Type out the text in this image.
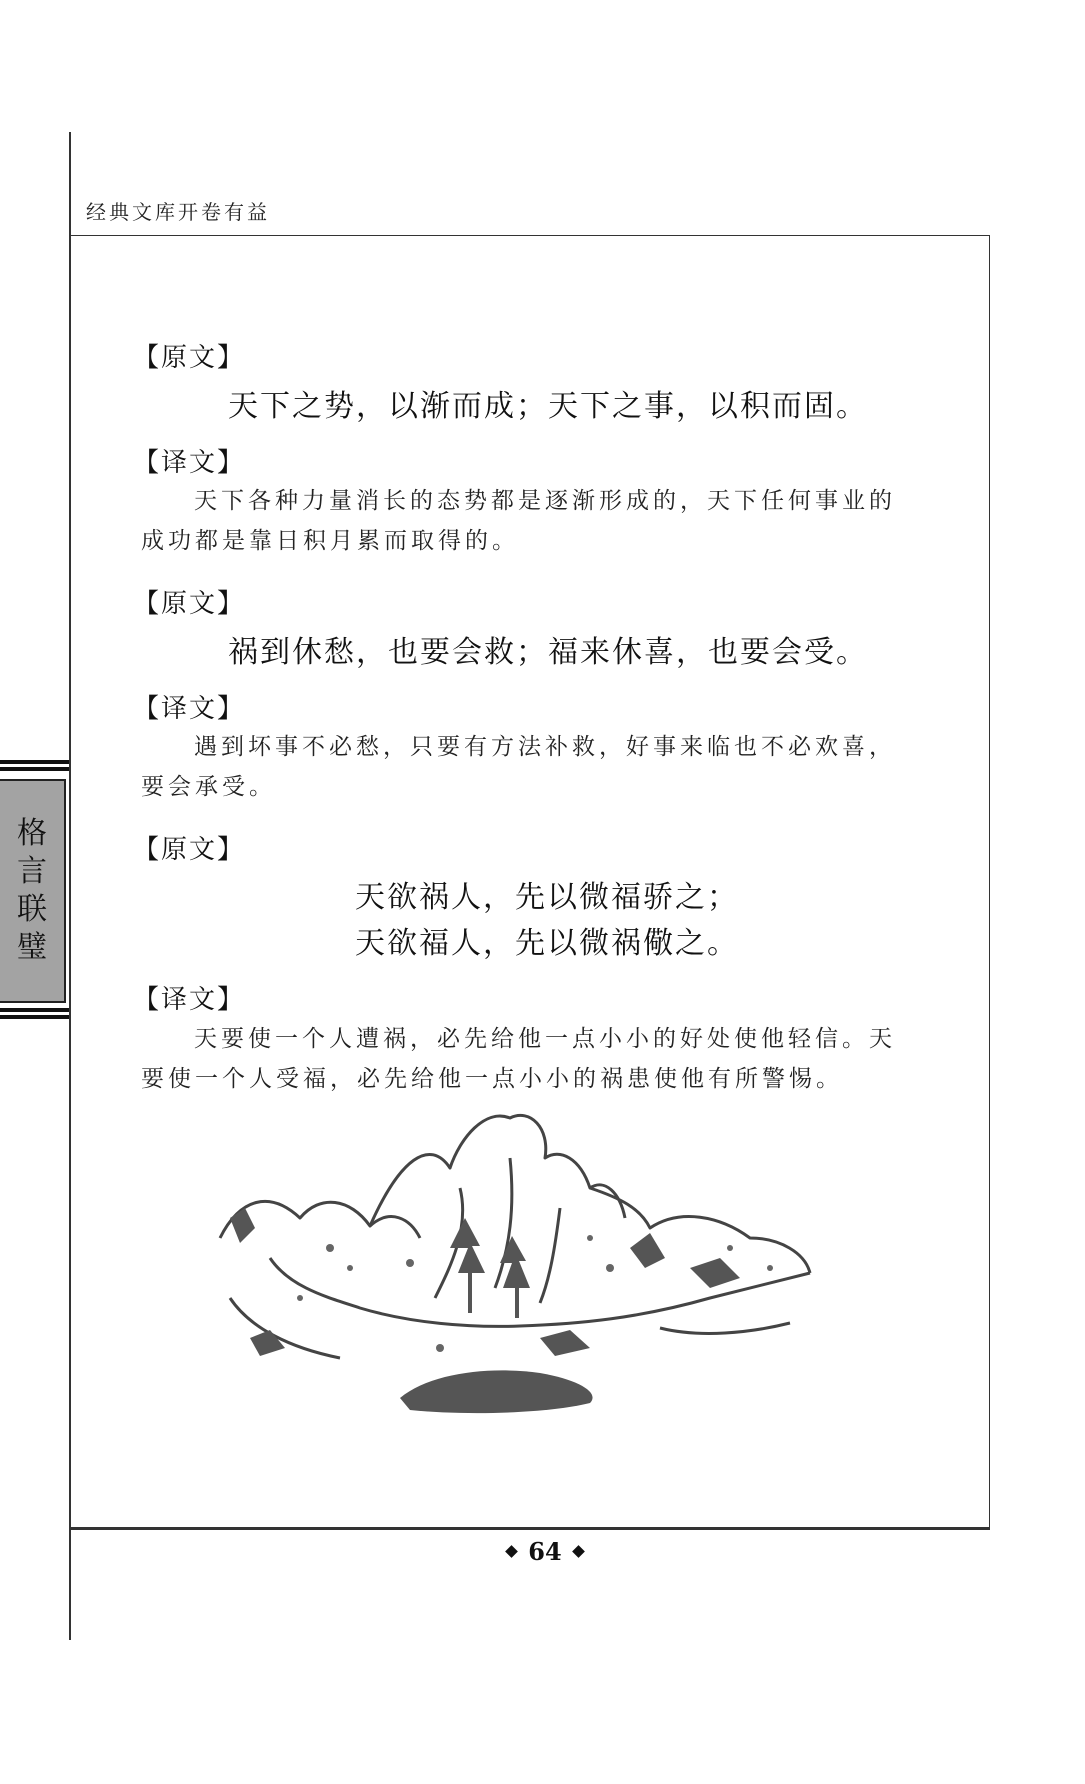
经典文库开卷有益
格
言
联
璧
【原文】
天下之势，以渐而成；天下之事，以积而固。
【译文】

天下各种力量消长的态势都是逐渐形成的，天下任何事业的成功都是靠日积月累而取得的。

【原文】
祸到休愁，也要会救；福来休喜，也要会受。
【译文】

遇到坏事不必愁，只要有方法补救，好事来临也不必欢喜，要会承受。

【原文】
天欲祸人，先以微福骄之；
天欲福人，先以微祸儆之。
【译文】

天要使一个人遭祸，必先给他一点小小的好处使他轻信。天要使一个人受福，必先给他一点小小的祸患使他有所警惕。

64
